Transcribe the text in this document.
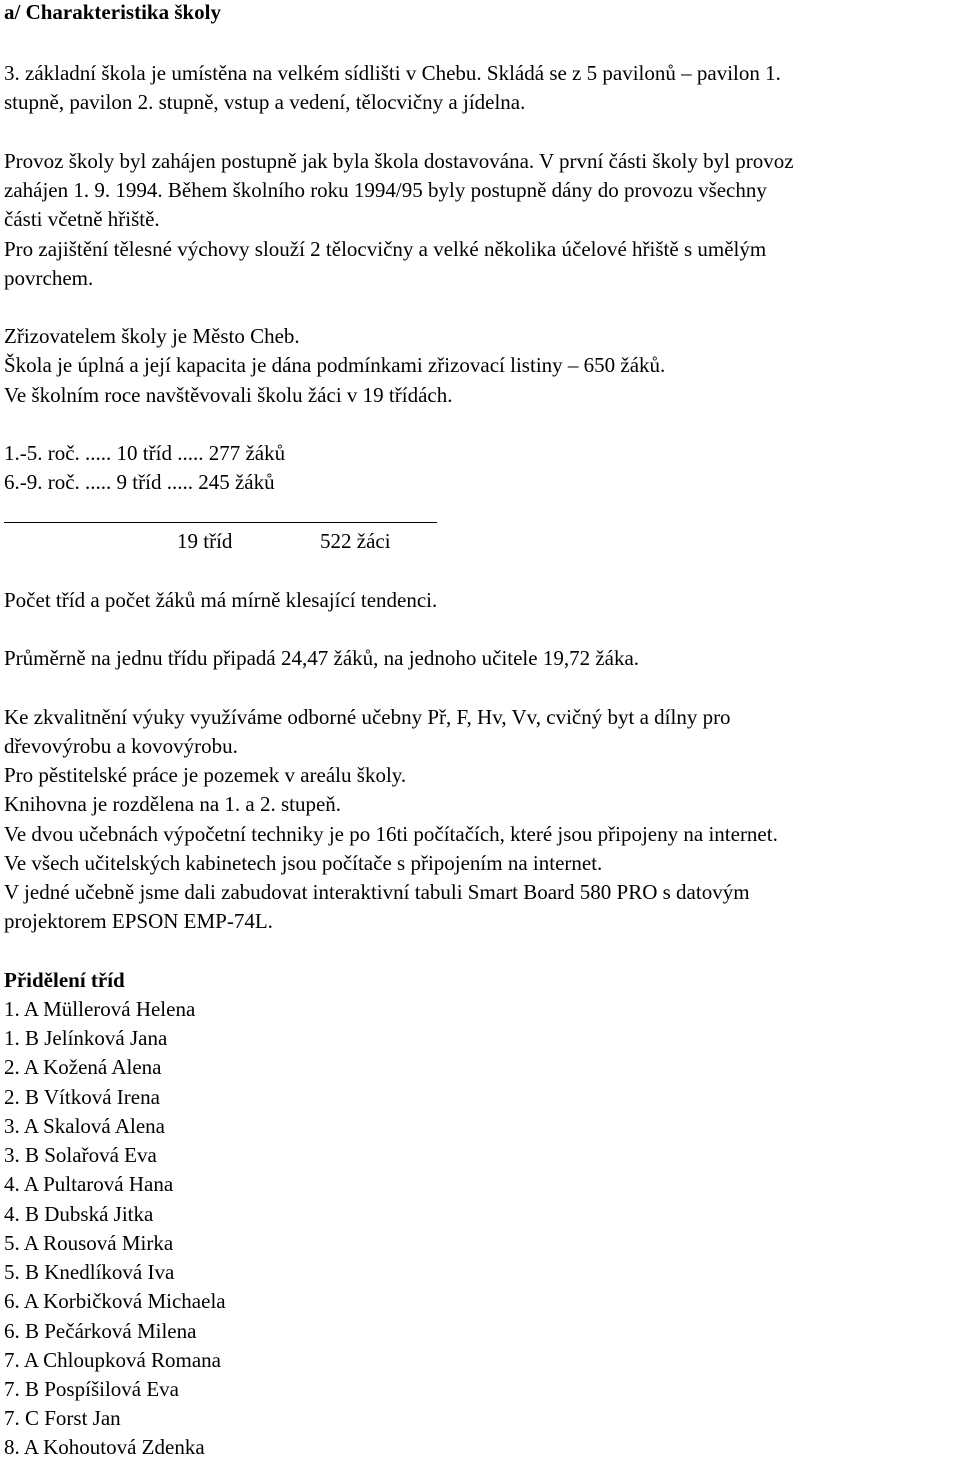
a/ Charakteristika školy
3. základní škola je umístěna na velkém sídlišti v Chebu. Skládá se z 5 pavilonů – pavilon 1.
stupně, pavilon 2. stupně, vstup a vedení, tělocvičny a jídelna.
Provoz školy byl zahájen postupně jak byla škola dostavována. V první části školy byl provoz
zahájen 1. 9. 1994. Během školního roku 1994/95 byly postupně dány do provozu všechny
části včetně hřiště.
Pro zajištění tělesné výchovy slouží 2 tělocvičny a velké několika účelové hřiště s umělým
povrchem.
Zřizovatelem školy je Město Cheb.
Škola je úplná a její kapacita je dána podmínkami zřizovací listiny – 650 žáků.
Ve školním roce navštěvovali školu žáci v 19 třídách.
1.-5. roč. ..... 10 tříd ..... 277 žáků
6.-9. roč. ..... 9 tříd ..... 245 žáků
19 tříd	522 žáci
Počet tříd a počet žáků má mírně klesající tendenci.
Průměrně na jednu třídu připadá 24,47 žáků, na jednoho učitele 19,72 žáka.
Ke zkvalitnění výuky využíváme odborné učebny Př, F, Hv, Vv, cvičný byt a dílny pro
dřevovýrobu a kovovýrobu.
Pro pěstitelské práce je pozemek v areálu školy.
Knihovna je rozdělena na 1. a 2. stupeň.
Ve dvou učebnách výpočetní techniky je po 16ti počítačích, které jsou připojeny na internet.
Ve všech učitelských kabinetech jsou počítače s připojením na internet.
V jedné učebně jsme dali zabudovat interaktivní tabuli Smart Board 580 PRO s datovým
projektorem EPSON EMP-74L.
Přidělení tříd
1. A Müllerová Helena
1. B Jelínková Jana
2. A Kožená Alena
2. B Vítková Irena
3. A Skalová Alena
3. B Solařová Eva
4. A Pultarová Hana
4. B Dubská Jitka
5. A Rousová Mirka
5. B Knedlíková Iva
6. A Korbičková Michaela
6. B Pečárková Milena
7. A Chloupková Romana
7. B Pospíšilová Eva
7. C Forst Jan
8. A Kohoutová Zdenka
